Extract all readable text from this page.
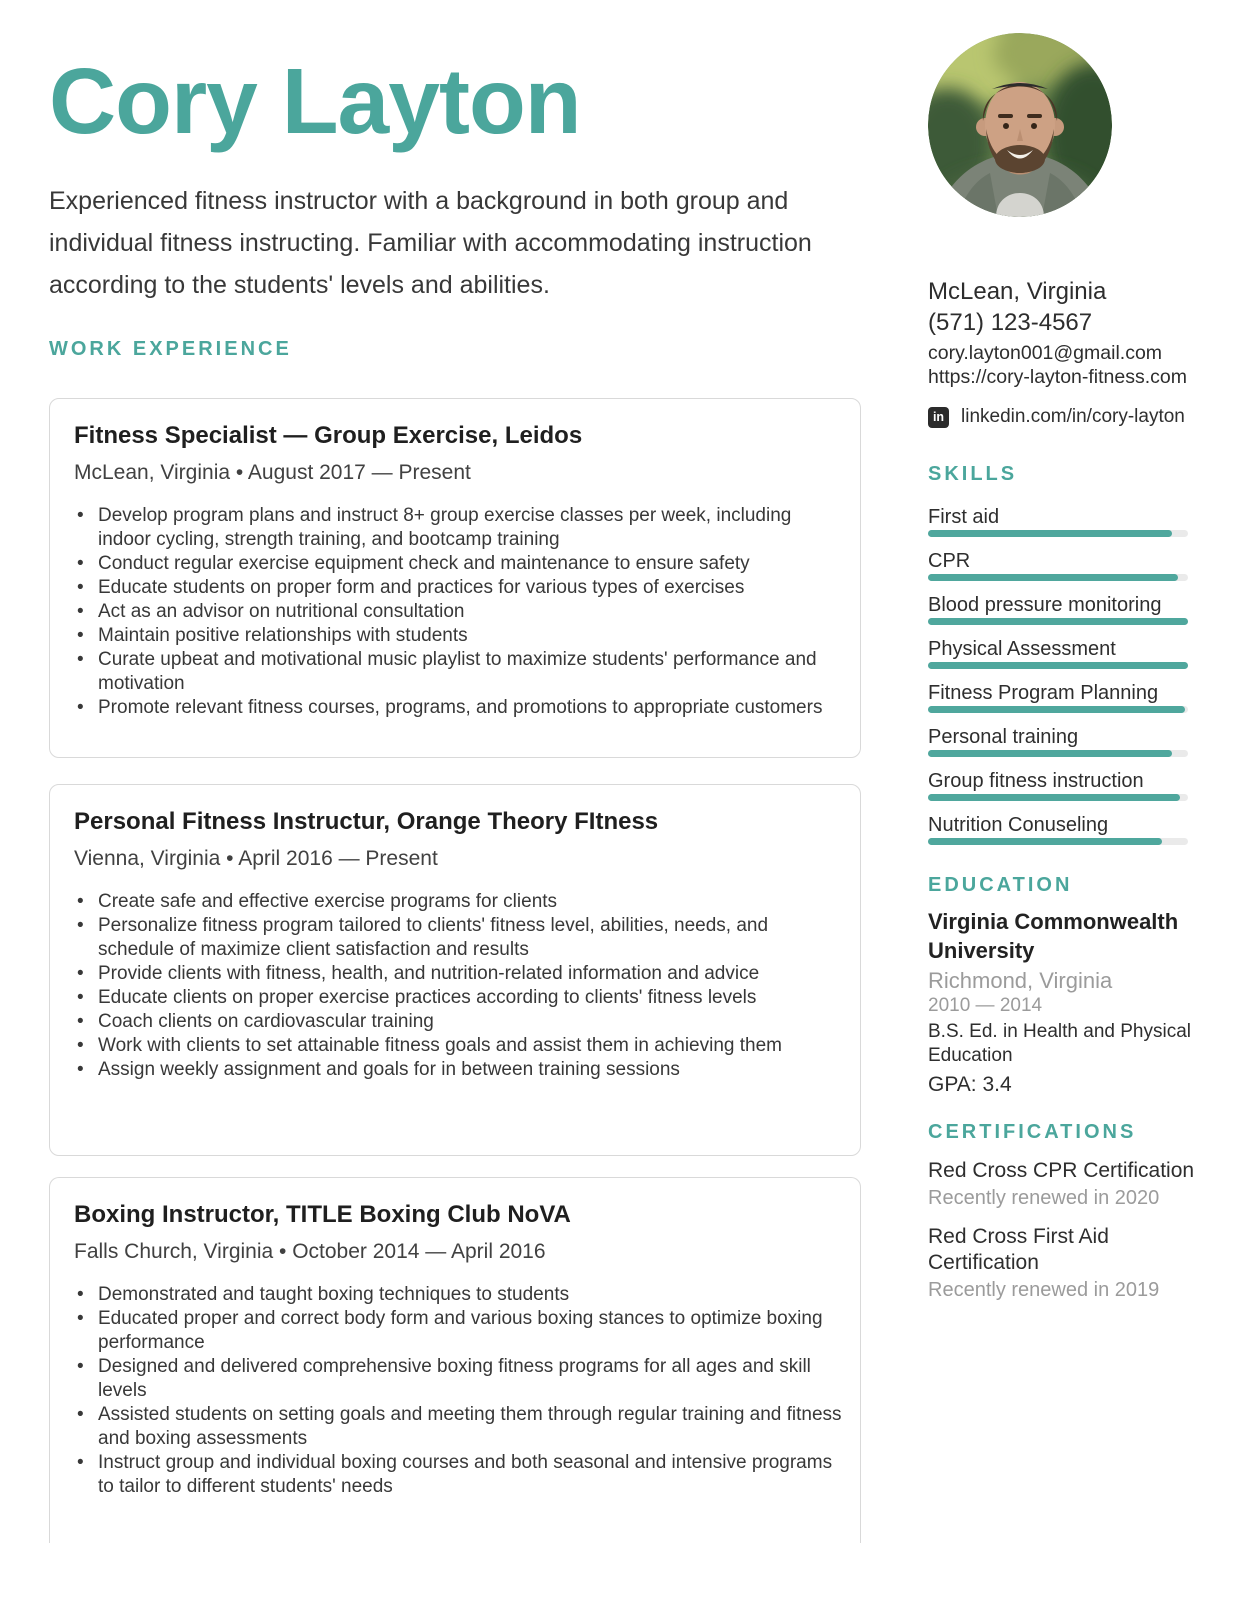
Cory Layton

Experienced fitness instructor with a background in both group and individual fitness instructing. Familiar with accommodating instruction according to the students' levels and abilities.

WORK EXPERIENCE
Fitness Specialist — Group Exercise, Leidos
McLean, Virginia • August 2017 — Present
• Develop program plans and instruct 8+ group exercise classes per week, including indoor cycling, strength training, and bootcamp training
• Conduct regular exercise equipment check and maintenance to ensure safety
• Educate students on proper form and practices for various types of exercises
• Act as an advisor on nutritional consultation
• Maintain positive relationships with students
• Curate upbeat and motivational music playlist to maximize students' performance and motivation
• Promote relevant fitness courses, programs, and promotions to appropriate customers
Personal Fitness Instructur, Orange Theory FItness
Vienna, Virginia • April 2016 — Present
• Create safe and effective exercise programs for clients
• Personalize fitness program tailored to clients' fitness level, abilities, needs, and schedule of maximize client satisfaction and results
• Provide clients with fitness, health, and nutrition-related information and advice
• Educate clients on proper exercise practices according to clients' fitness levels
• Coach clients on cardiovascular training
• Work with clients to set attainable fitness goals and assist them in achieving them
• Assign weekly assignment and goals for in between training sessions
Boxing Instructor, TITLE Boxing Club NoVA
Falls Church, Virginia • October 2014 — April 2016
• Demonstrated and taught boxing techniques to students
• Educated proper and correct body form and various boxing stances to optimize boxing performance
• Designed and delivered comprehensive boxing fitness programs for all ages and skill levels
• Assisted students on setting goals and meeting them through regular training and fitness and boxing assessments
• Instruct group and individual boxing courses and both seasonal and intensive programs to tailor to different students' needs
McLean, Virginia
(571) 123-4567
cory.layton001@gmail.com
https://cory-layton-fitness.com
in linkedin.com/in/cory-layton
SKILLS
First aid
CPR
Blood pressure monitoring
Physical Assessment
Fitness Program Planning
Personal training
Group fitness instruction
Nutrition Conuseling
EDUCATION
Virginia Commonwealth University
Richmond, Virginia
2010 — 2014
B.S. Ed. in Health and Physical Education
GPA: 3.4
CERTIFICATIONS
Red Cross CPR Certification
Recently renewed in 2020
Red Cross First Aid Certification
Recently renewed in 2019
